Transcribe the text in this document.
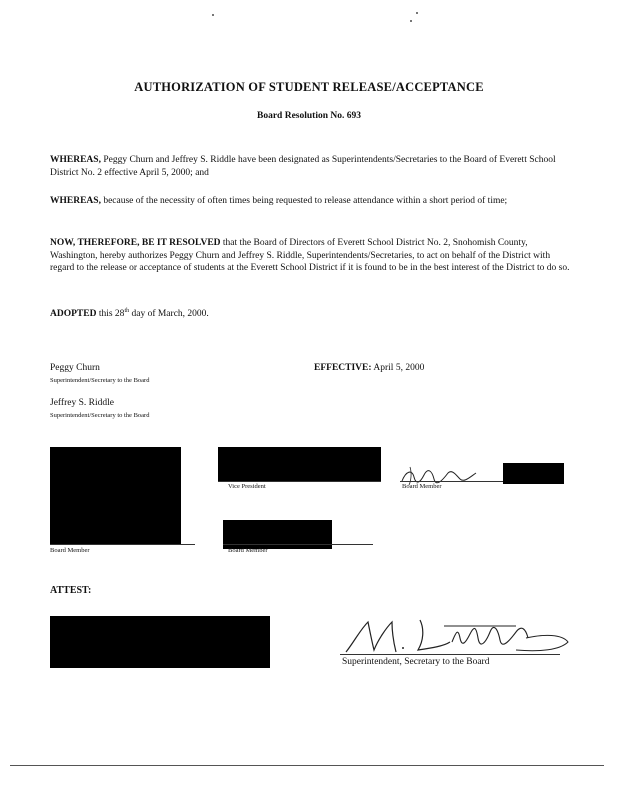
AUTHORIZATION OF STUDENT RELEASE/ACCEPTANCE
Board Resolution No. 693
WHEREAS, Peggy Churn and Jeffrey S. Riddle have been designated as Superintendents/Secretaries to the Board of Everett School District No. 2 effective April 5, 2000; and
WHEREAS, because of the necessity of often times being requested to release attendance within a short period of time;
NOW, THEREFORE, BE IT RESOLVED that the Board of Directors of Everett School District No. 2, Snohomish County, Washington, hereby authorizes Peggy Churn and Jeffrey S. Riddle, Superintendents/Secretaries, to act on behalf of the District with regard to the release or acceptance of students at the Everett School District if it is found to be in the best interest of the District to do so.
ADOPTED this 28th day of March, 2000.
Peggy Churn
Superintendent/Secretary to the Board
Jeffrey S. Riddle
Superintendent/Secretary to the Board
EFFECTIVE: April 5, 2000
Board Member
Vice President	Board Member
Board Member
ATTEST:
Superintendent, Secretary to the Board
